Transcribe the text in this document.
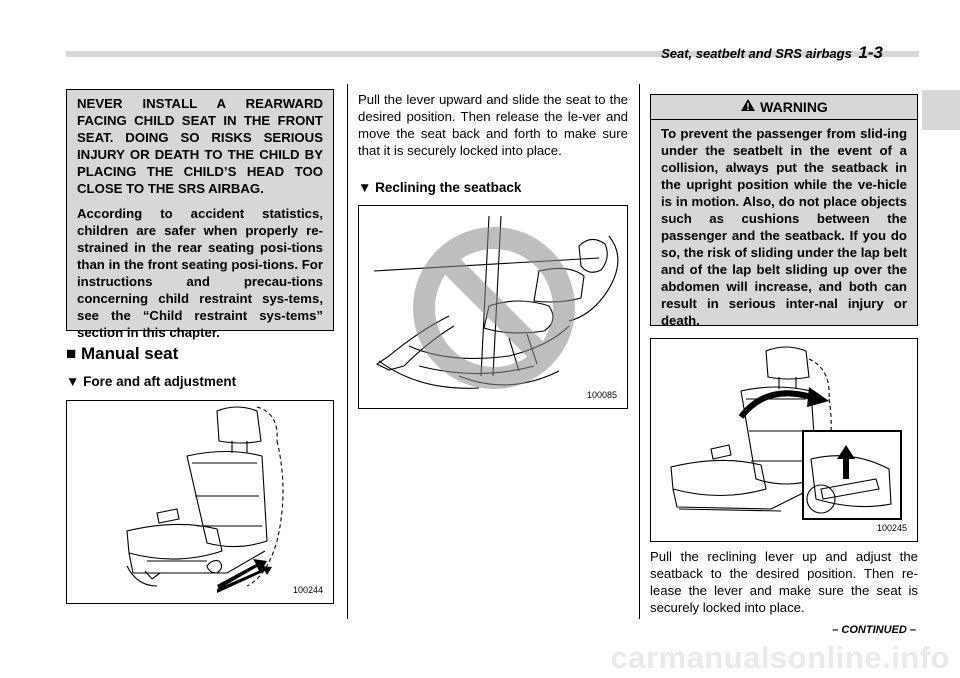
Seat, seatbelt and SRS airbags 1-3

NEVER INSTALL A REARWARD FACING CHILD SEAT IN THE FRONT SEAT. DOING SO RISKS SERIOUS INJURY OR DEATH TO THE CHILD BY PLACING THE CHILD’S HEAD TOO CLOSE TO THE SRS AIRBAG.

According to accident statistics, children are safer when properly re-strained in the rear seating posi-tions than in the front seating posi-tions. For instructions and precau-tions concerning child restraint sys-tems, see the “Child restraint sys-tems” section in this chapter.

■ Manual seat
▼ Fore and aft adjustment
100244

Pull the lever upward and slide the seat to the desired position. Then release the le-ver and move the seat back and forth to make sure that it is securely locked into place.

▼ Reclining the seatback
100085
WARNING

To prevent the passenger from slid-ing under the seatbelt in the event of a collision, always put the seatback in the upright position while the ve-hicle is in motion. Also, do not place objects such as cushions between the passenger and the seatback. If you do so, the risk of sliding under the lap belt and of the lap belt sliding up over the abdomen will increase, and both can result in serious inter-nal injury or death.

100245

Pull the reclining lever up and adjust the seatback to the desired position. Then re-lease the lever and make sure the seat is securely locked into place.

– CONTINUED –
carmanualsonline.info
